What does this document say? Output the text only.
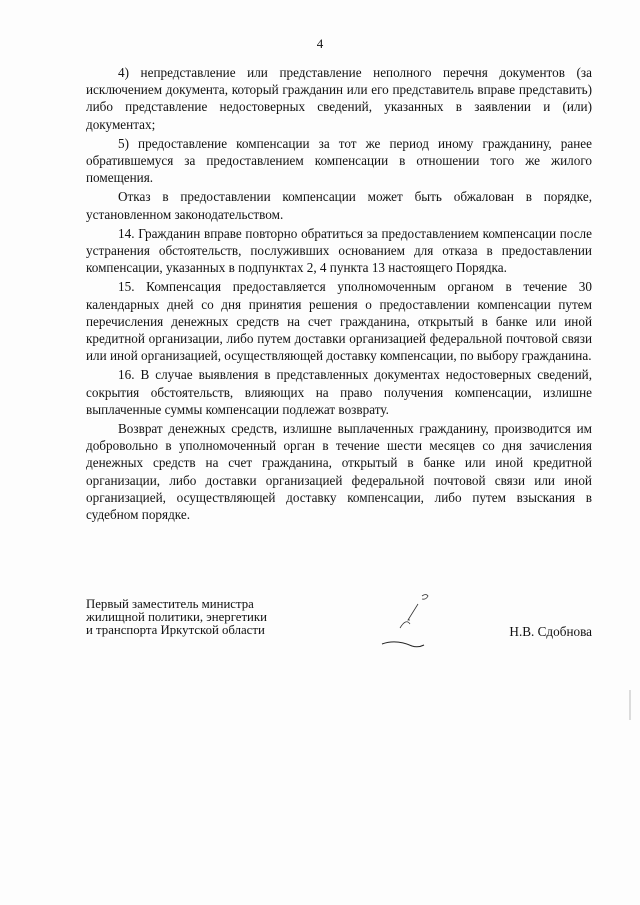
4

4) непредставление или представление неполного перечня документов (за исключением документа, который гражданин или его представитель вправе представить) либо представление недостоверных сведений, указанных в заявлении и (или) документах;

5) предоставление компенсации за тот же период иному гражданину, ранее обратившемуся за предоставлением компенсации в отношении того же жилого помещения.

Отказ в предоставлении компенсации может быть обжалован в порядке, установленном законодательством.

14. Гражданин вправе повторно обратиться за предоставлением компенсации после устранения обстоятельств, послуживших основанием для отказа в предоставлении компенсации, указанных в подпунктах 2, 4 пункта 13 настоящего Порядка.

15. Компенсация предоставляется уполномоченным органом в течение 30 календарных дней со дня принятия решения о предоставлении компенсации путем перечисления денежных средств на счет гражданина, открытый в банке или иной кредитной организации, либо путем доставки организацией федеральной почтовой связи или иной организацией, осуществляющей доставку компенсации, по выбору гражданина.

16. В случае выявления в представленных документах недостоверных сведений, сокрытия обстоятельств, влияющих на право получения компенсации, излишне выплаченные суммы компенсации подлежат возврату.

Возврат денежных средств, излишне выплаченных гражданину, производится им добровольно в уполномоченный орган в течение шести месяцев со дня зачисления денежных средств на счет гражданина, открытый в банке или иной кредитной организации, либо доставки организацией федеральной почтовой связи или иной организацией, осуществляющей доставку компенсации, либо путем взыскания в судебном порядке.

Первый заместитель министра
жилищной политики, энергетики
и транспорта Иркутской области	Н.В. Сдобнова
